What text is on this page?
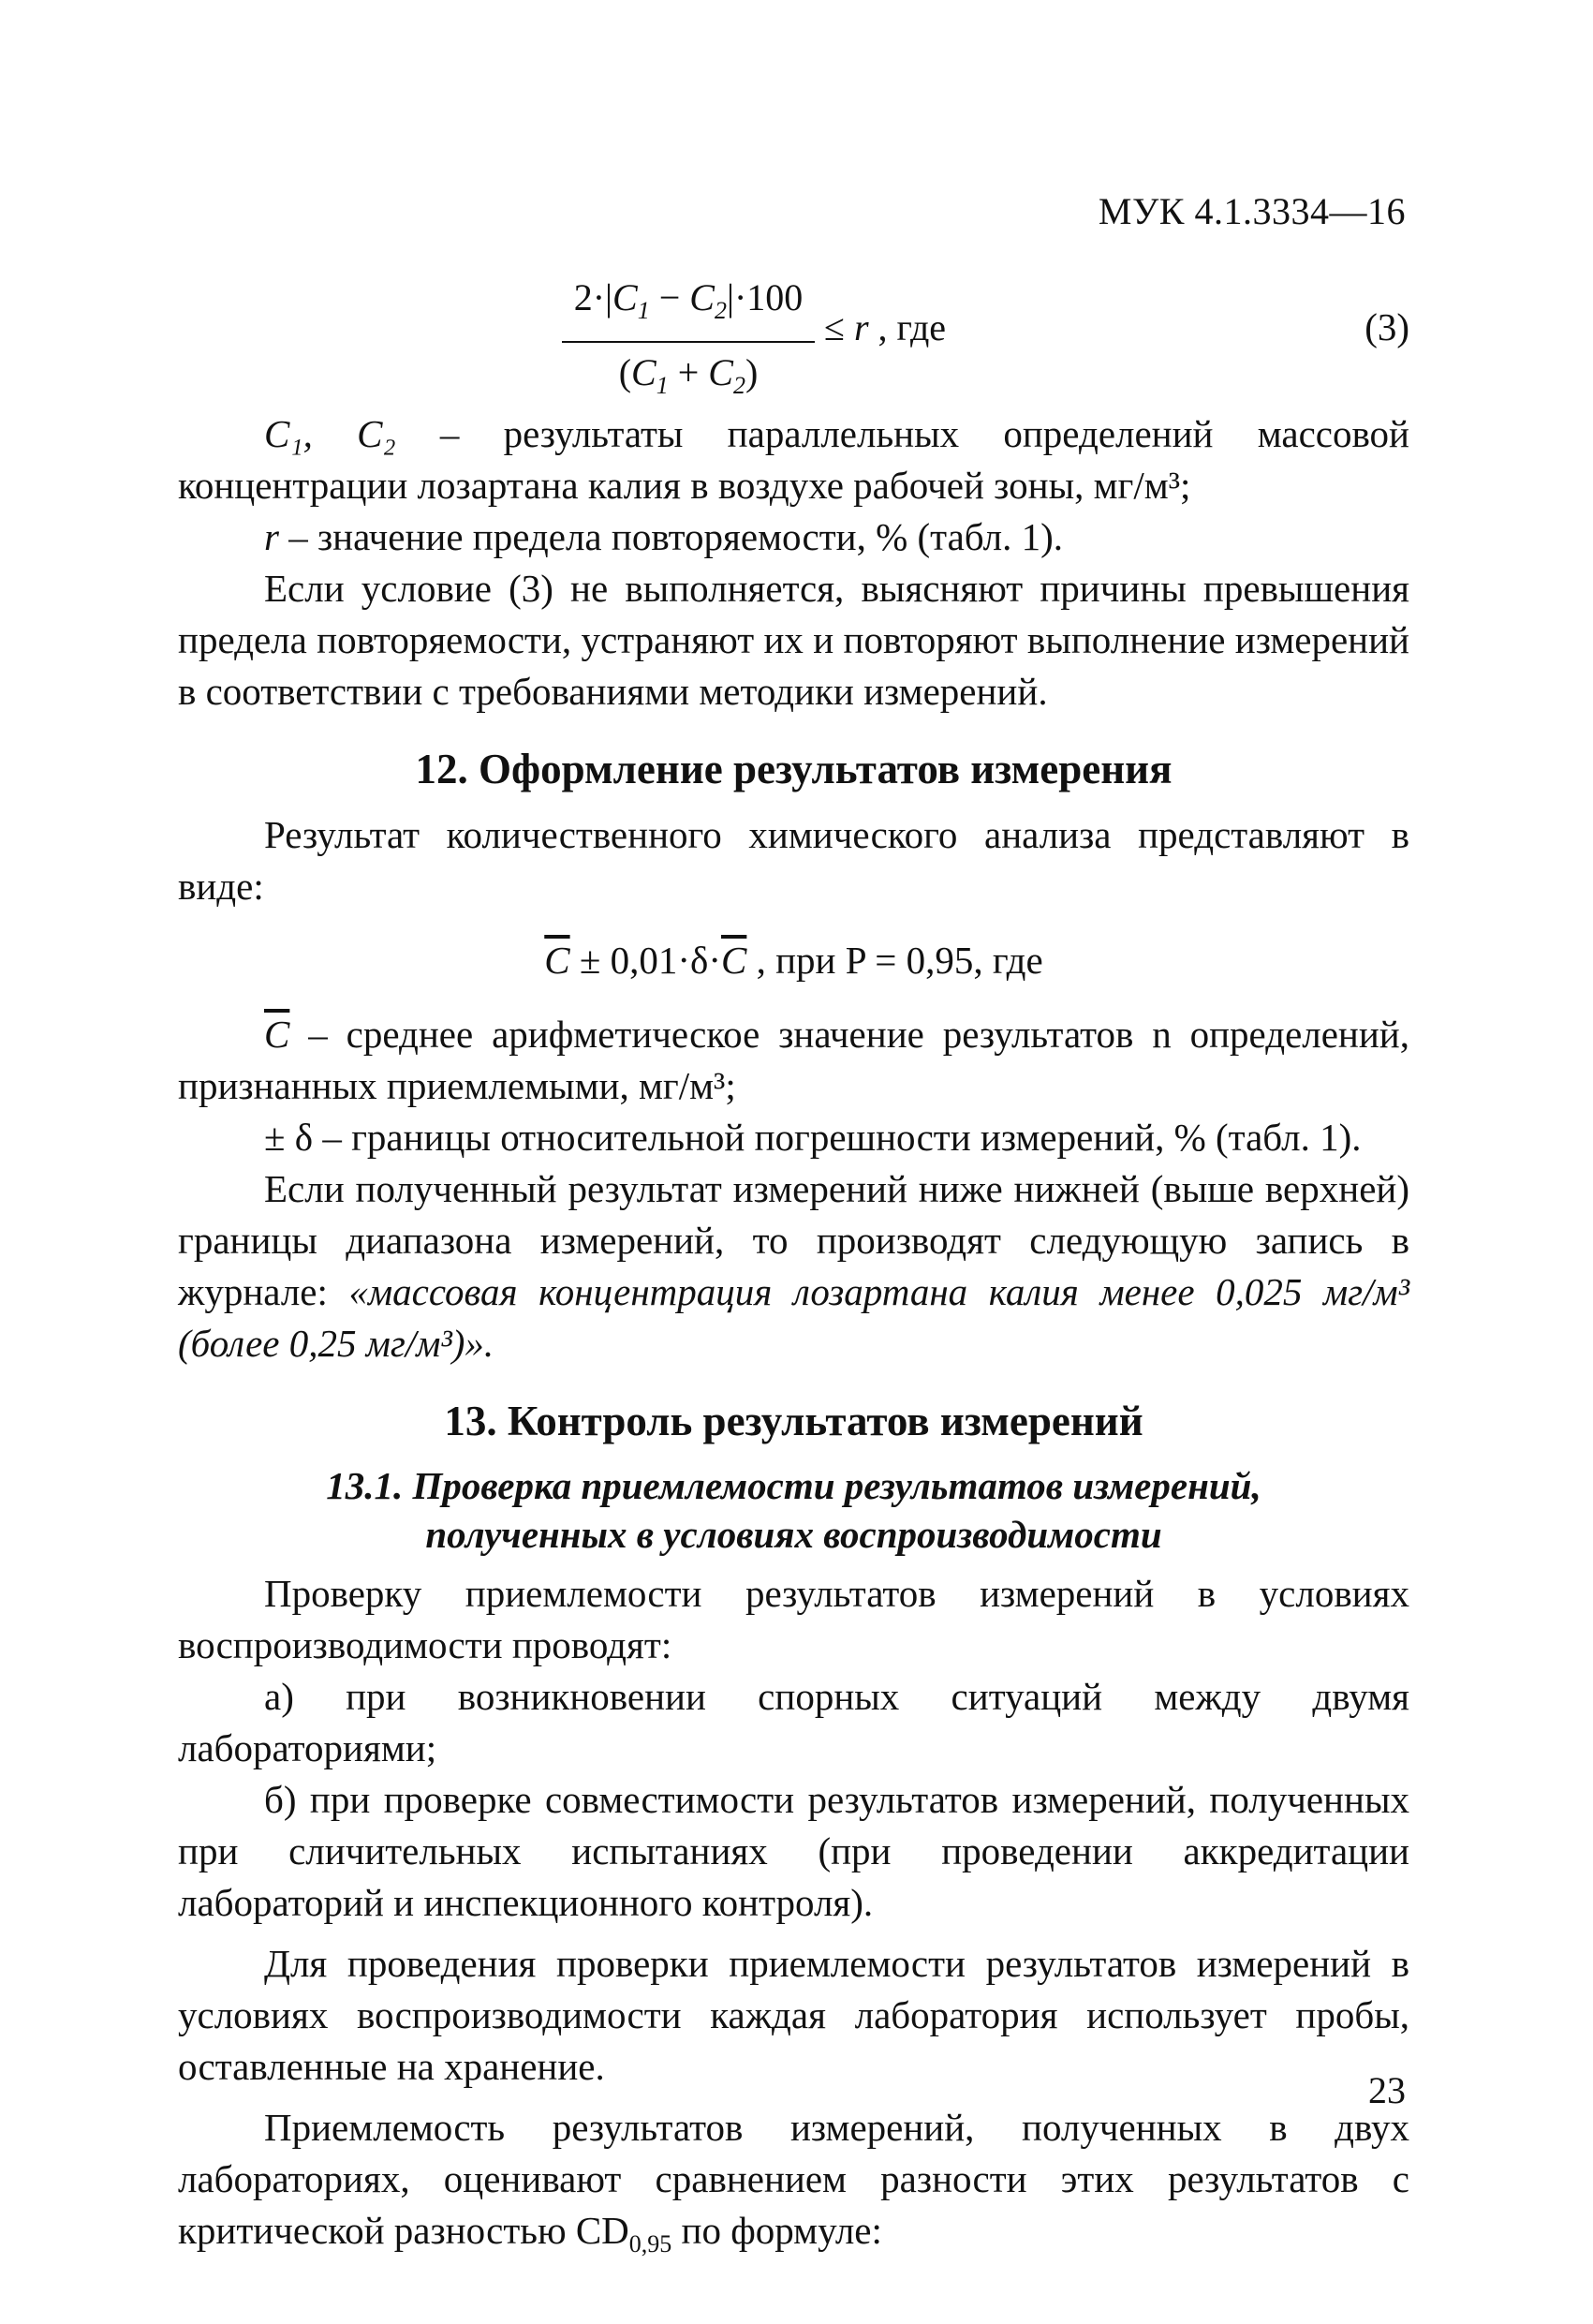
МУК 4.1.3334—16
$2\cdot|C_1 - C_2|\cdot 100$
$(C_1 + C_2)$
≤ r , где	(3)

C₁, C₂ – результаты параллельных определений массовой концентрации лозартана калия в воздухе рабочей зоны, мг/м³;

r – значение предела повторяемости, % (табл. 1).

Если условие (3) не выполняется, выясняют причины превышения предела повторяемости, устраняют их и повторяют выполнение измерений в соответствии с требованиями методики измерений.

12. Оформление результатов измерения

Результат количественного химического анализа представляют в виде:

$\overline{C} \pm 0,01\cdot\delta\cdot\overline{C}$ , при P = 0,95, где

$\overline{C}$ – среднее арифметическое значение результатов n определений, признанных приемлемыми, мг/м³;

± δ – границы относительной погрешности измерений, % (табл. 1).

Если полученный результат измерений ниже нижней (выше верхней) границы диапазона измерений, то производят следующую запись в журнале: «массовая концентрация лозартана калия менее 0,025 мг/м³ (более 0,25 мг/м³)».

13. Контроль результатов измерений
13.1. Проверка приемлемости результатов измерений,
полученных в условиях воспроизводимости

Проверку приемлемости результатов измерений в условиях воспроизводимости проводят:

а) при возникновении спорных ситуаций между двумя лабораториями;

б) при проверке совместимости результатов измерений, полученных при сличительных испытаниях (при проведении аккредитации лабораторий и инспекционного контроля).

Для проведения проверки приемлемости результатов измерений в условиях воспроизводимости каждая лаборатория использует пробы, оставленные на хранение.

Приемлемость результатов измерений, полученных в двух лабораториях, оценивают сравнением разности этих результатов с критической разностью $CD_{0,95}$ по формуле:

23
